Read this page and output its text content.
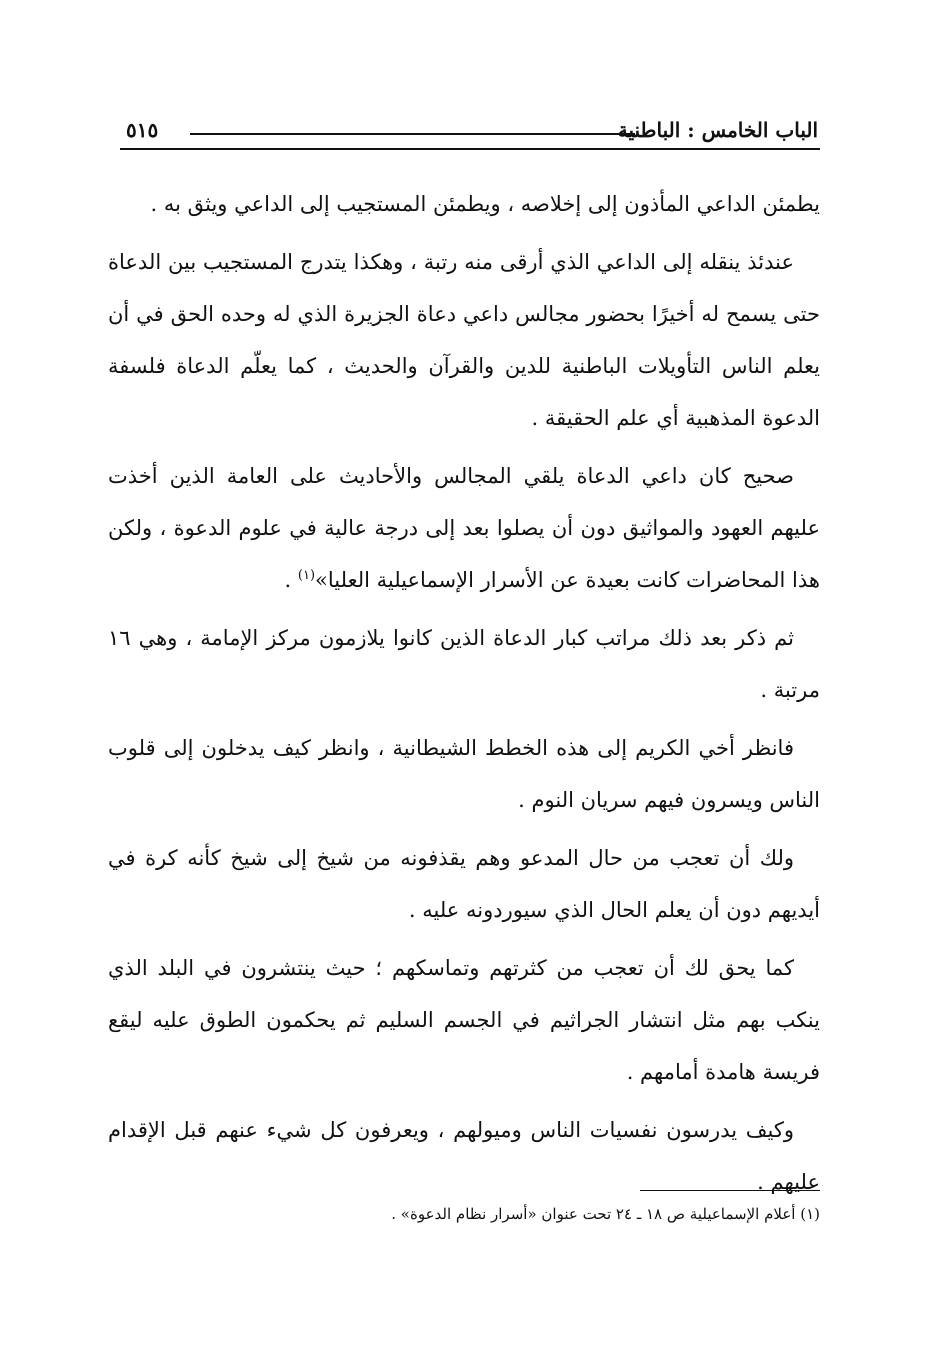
الباب الخامس : الباطنية
٥١٥

يطمئن الداعي المأذون إلى إخلاصه ، ويطمئن المستجيب إلى الداعي ويثق به .

عندئذ ينقله إلى الداعي الذي أرقى منه رتبة ، وهكذا يتدرج المستجيب بين الدعاة حتى يسمح له أخيرًا بحضور مجالس داعي دعاة الجزيرة الذي له وحده الحق في أن يعلم الناس التأويلات الباطنية للدين والقرآن والحديث ، كما يعلّم الدعاة فلسفة الدعوة المذهبية أي علم الحقيقة .

صحيح كان داعي الدعاة يلقي المجالس والأحاديث على العامة الذين أخذت عليهم العهود والمواثيق دون أن يصلوا بعد إلى درجة عالية في علوم الدعوة ، ولكن هذا المحاضرات كانت بعيدة عن الأسرار الإسماعيلية العليا»$^{(١)}$ .

ثم ذكر بعد ذلك مراتب كبار الدعاة الذين كانوا يلازمون مركز الإمامة ، وهي ١٦ مرتبة .

فانظر أخي الكريم إلى هذه الخطط الشيطانية ، وانظر كيف يدخلون إلى قلوب الناس ويسرون فيهم سريان النوم .

ولك أن تعجب من حال المدعو وهم يقذفونه من شيخ إلى شيخ كأنه كرة في أيديهم دون أن يعلم الحال الذي سيوردونه عليه .

كما يحق لك أن تعجب من كثرتهم وتماسكهم ؛ حيث ينتشرون في البلد الذي ينكب بهم مثل انتشار الجراثيم في الجسم السليم ثم يحكمون الطوق عليه ليقع فريسة هامدة أمامهم .

وكيف يدرسون نفسيات الناس وميولهم ، ويعرفون كل شيء عنهم قبل الإقدام عليهم .

(١) أعلام الإسماعيلية ص ١٨ ـ ٢٤ تحت عنوان «أسرار نظام الدعوة» .
